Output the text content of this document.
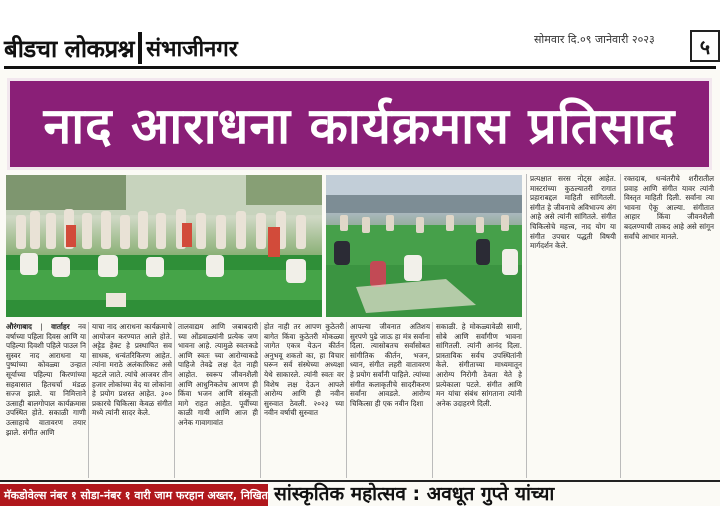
बीडचा लोकप्रश्न संभाजीनगर	सोमवार दि.०९ जानेवारी २०२३	५
नाद आराधना कार्यक्रमास प्रतिसाद
औरंगाबाद | वार्ताहर नव वर्षाच्या पहिला दिवस आणि या पहिल्या दिवशी पहिले पाउल नि सुस्वर नाद आराधना या पुष्पांच्या कोवळ्या उन्हात सूर्याच्या पहिल्या किरणांच्या सहवासात हितचर्चा मंडळ सज्ज झाले. या निमित्ताने उत्साही बालगोपाल कार्यक्रमास उपस्थित होते. सकाळी गाणी उत्साहाचे वातावरण तयार झाले. संगीत आणि
याचा नाद आराधना कार्यक्रमाचे आयोजन करण्यात आले होते. अट्टेड हेक्ट हे प्रस्थापित सव साधक, धन्वंतरिकिरण आहेत. त्यांना मराठे अलंकारिकट असे म्हटले जाते. त्यांचे आजवर तीन हजार लोकांच्या वेद या लोकांना हे प्रयोग प्रशस्त आहेत. ३०० प्रकारचे चिकित्सा केवळ संगीत मध्ये त्यांनी सादर केले.
तालवाद्यम आणि जबाबदारी च्या ओंडवाळ्यांनी प्रत्येक जण भावना आहे. त्यामुळे स्वतःकडे आणि स्वतः च्या आरोग्याकडे पाहिजे तेवढे लक्ष देत नाही आहोत. स्वरूप जीवनशैली आणि आधुनिकतेच आणण ही किंवा भजन आणि संस्कृती मागे राहत आहेत. पूर्वीच्या काळी गायी आणि आज ही अनेक गावागावांत
होत नाही तर आपण कुठेतरी बागेत किंवा कुठेतरी मोकळ्या जागेत एकत्र येऊन कीर्तन अनुभवू शकतो का, हा विचार घरून सर्व संस्थेच्या अध्यक्षा येथे साकारले. त्यांनी स्वतः वर विशेष लक्ष देऊन आपले आरोग्य आणि ही नवीन सुरुवात ठेवली. २०२३ च्या नवीन वर्षाची सुरुवात
आपल्या जीवनात अतिशय सुरपणे पुढे जाऊ हा मंत्र सर्वांना दिला. त्यासोबतच सर्वांसोबत सांगीतिक कीर्तन, भजन, ध्यान, संगीत लहरी वातावरण हे प्रयोग सर्वांनी पाहिले. त्यांच्या संगीत कलाकृतीचे सादरीकरण सर्वांना आवडले. आरोग्य चिकित्सा ही एक नवीन दिशा
सकाळी. हे मोकळ्यावेळी सामी, सोबे आणि सर्वांगीण भावना सांगितली. त्यांनी आनंद दिला. प्रास्ताविक सर्वच उपस्थितांनी केले. संगीताच्या माध्यमातून आरोग्य निरोगी ठेवता येते हे प्रत्येकाला पटले. संगीत आणि मन यांचा संबंध सांगताना त्यांनी अनेक उदाहरणे दिली.
प्रत्यक्षात सरस नोट्स आहेत. मास्टरांच्या कुठल्यातरी रागात प्रहाराबद्दल माहिती सांगितली. संगीत हे जीवनाचे अविभाज्य अंग आहे असे त्यांनी सांगितले. संगीत चिकित्सेचे महत्त्व, नाद योग या संगीत उपचार पद्धती विषयी मार्गदर्शन केले.
रक्तदाब, धन्वंतरीचे शरीरातील प्रवाह आणि संगीत यावर त्यांनी विस्तृत माहिती दिली. सर्वांना त्या भावना ऐकू आल्या. संगीतात आहार किंवा जीवनशैली बदलण्याची ताकद आहे असे सांगून सर्वांचे आभार मानले.
मॅकडोवेल्स नंबर १ सोडा-नंबर १ वारी जाम फरहान अख्तर, निखिता सांस्कृतिक महोत्सव : अवधूत गुप्ते यांच्या
